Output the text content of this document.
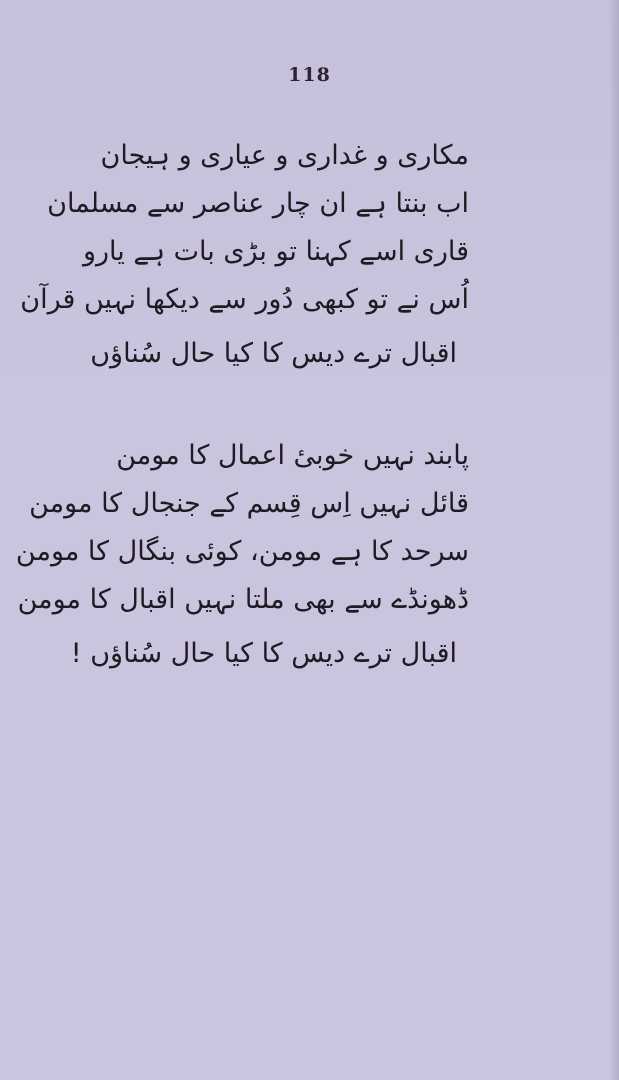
118
مکاری و غداری و عیاری و ہیجان
اب بنتا ہے ان چار عناصر سے مسلمان
قاری اسے کہنا تو بڑی بات ہے یارو
اُس نے تو کبھی دُور سے دیکھا نہیں قرآن
اقبال ترے دیس کا کیا حال سُناؤں
پابند نہیں خوبیٔ اعمال کا مومن
قائل نہیں اِس قِسم کے جنجال کا مومن
سرحد کا ہے مومن، کوئی بنگال کا مومن
ڈھونڈے سے بھی ملتا نہیں اقبال کا مومن
اقبال ترے دیس کا کیا حال سُناؤں !
